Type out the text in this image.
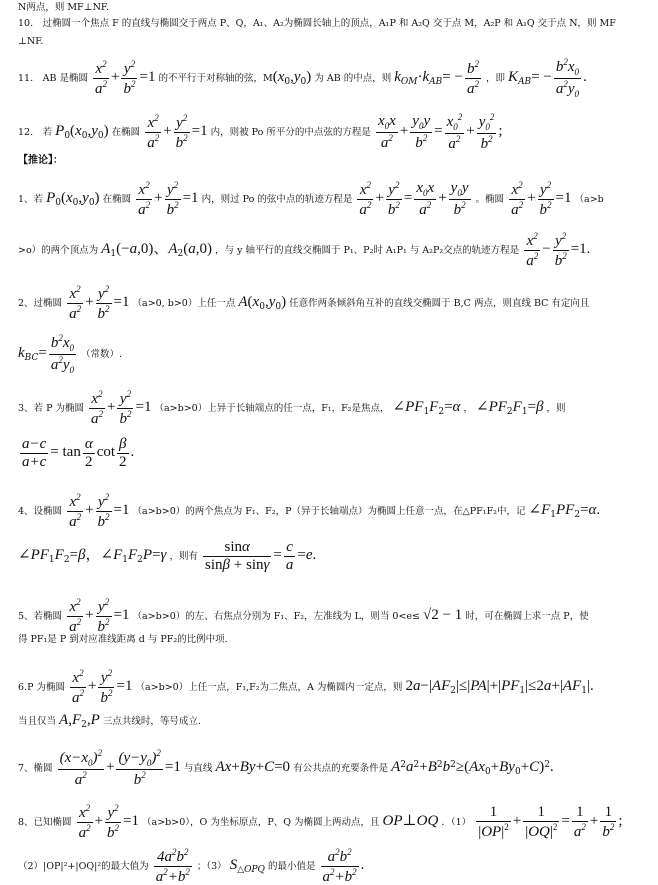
N两点，则 MF⊥NF.
10.　过椭圆一个焦点 F 的直线与椭圆交于两点 P、Q，A₁、A₂为椭圆长轴上的顶点，A₁P 和 A₂Q 交于点 M，A₂P 和 A₁Q 交于点 N，则 MF
⊥NF.
11.　AB 是椭圆 $\frac{x^2}{a^2} + \frac{y^2}{b^2} =1$ 的不平行于对称轴的弦，$M(x_0,y_0)$ 为 AB 的中点，则 $k_{OM}\cdot k_{AB}= - \frac{b^2}{a^2}$ ，即 $K_{AB}= - \frac{b^2x_0}{a^2y_0}$ .
12.　若 $P_0(x_0,y_0)$ 在椭圆 $\frac{x^2}{a^2} + \frac{y^2}{b^2} =1$ 内，则被 Po 所平分的中点弦的方程是 $\frac{x_0x}{a^2} + \frac{y_0y}{b^2} = \frac{x_0^2}{a^2} + \frac{y_0^2}{b^2}$ ;
【推论】：
1、若 $P_0(x_0,y_0)$ 在椭圆 $\frac{x^2}{a^2} + \frac{y^2}{b^2} =1$ 内，则过 Po 的弦中点的轨迹方程是 $\frac{x^2}{a^2} + \frac{y^2}{b^2} = \frac{x_0x}{a^2} + \frac{y_0y}{b^2}$ 。椭圆 $\frac{x^2}{a^2} + \frac{y^2}{b^2} =1$ （a>b
>o）的两个顶点为 $A_1(-a,0)$、$A_2(a,0)$ ，与 y 轴平行的直线交椭圆于 P₁、P₂时 A₁P₁ 与 A₂P₂交点的轨迹方程是 $\frac{x^2}{a^2} - \frac{y^2}{b^2} =1$.
2、过椭圆 $\frac{x^2}{a^2} + \frac{y^2}{b^2} =1$ （a>0, b>0）上任一点 $A(x_0,y_0)$ 任意作两条倾斜角互补的直线交椭圆于 B,C 两点，则直线 BC 有定向且
$k_{BC}= \frac{b^2x_0}{a^2y_0}$ （常数）.
3、若 P 为椭圆 $\frac{x^2}{a^2} + \frac{y^2}{b^2} =1$ （a>b>0）上异于长轴端点的任一点，F₁，F₂是焦点， $\angle PF_1F_2=\alpha$ ， $\angle PF_2F_1=\beta$ ，则
$\frac{a-c}{a+c} = \tan \frac{\alpha}{2}$ $\cot \frac{\beta}{2}$ .
4、设椭圆 $\frac{x^2}{a^2} + \frac{y^2}{b^2} =1$ （a>b>0）的两个焦点为 F₁、F₂，P（异于长轴端点）为椭圆上任意一点，在△PF₁F₂中，记 $\angle F_1PF_2=\alpha$.
$\angle PF_1F_2=\beta$，$\angle F_1F_2P=\gamma$ ，则有 $\frac{\sin\alpha}{\sin\beta + \sin\gamma} = \frac{c}{a} =e$.
5、若椭圆 $\frac{x^2}{a^2} + \frac{y^2}{b^2} =1$ （a>b>0）的左、右焦点分别为 F₁、F₂，左准线为 L，则当 0<e≤ √2 − 1 时，可在椭圆上求一点 P，使
得 PF₁是 P 到对应准线距离 d 与 PF₂的比例中项.
6.P 为椭圆 $\frac{x^2}{a^2} + \frac{y^2}{b^2} =1$ （a>b>0）上任一点，F₁,F₂为二焦点，A 为椭圆内一定点，则 $2a-|AF_2|\le|PA|+|PF_1|\le 2a+|AF_1|$.
当且仅当 $A,F_2,P$ 三点共线时，等号成立.
7、椭圆 $\frac{(x-x_0)^2}{a^2} + \frac{(y-y_0)^2}{b^2} =1$ 与直线 Ax+By+C=0 有公共点的充要条件是 $A^2a^2+B^2b^2\ge(Ax_0+By_0+C)^2$.
8、已知椭圆 $\frac{x^2}{a^2} + \frac{y^2}{b^2} =1$ （a>b>0），O 为坐标原点，P、Q 为椭圆上两动点，且 OP⊥OQ ．$(1) \frac{1}{|OP|^2} + \frac{1}{|OQ|^2} = \frac{1}{a^2} + \frac{1}{b^2}$ ;
（2）|OP|²+|OQ|²的最大值为 $\frac{4a^2b^2}{a^2+b^2}$ ；（3） $S_{\triangle OPQ}$ 的最小值是 $\frac{a^2b^2}{a^2+b^2}$ .
